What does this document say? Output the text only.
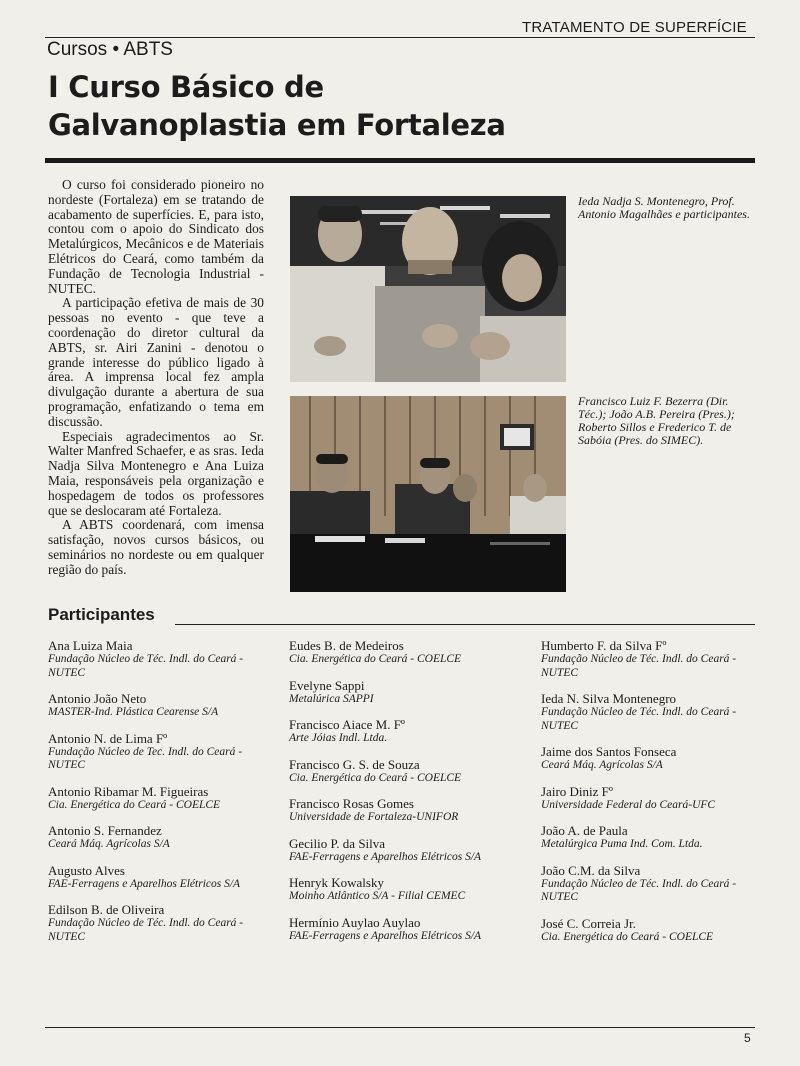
TRATAMENTO DE SUPERFÍCIE
Cursos • ABTS
I Curso Básico de
Galvanoplastia em Fortaleza

O curso foi considerado pioneiro no nordeste (Fortaleza) em se tratando de acabamento de superfícies. E, para isto, contou com o apoio do Sindicato dos Metalúrgicos, Mecânicos e de Materiais Elétricos do Ceará, como também da Fundação de Tecnologia Industrial - NUTEC.

A participação efetiva de mais de 30 pessoas no evento - que teve a coordenação do diretor cultural da ABTS, sr. Airi Zanini - denotou o grande interesse do público ligado à área. A imprensa local fez ampla divulgação durante a abertura de sua programação, enfatizando o tema em discussão.

Especiais agradecimentos ao Sr. Walter Manfred Schaefer, e as sras. Ieda Nadja Silva Montenegro e Ana Luiza Maia, responsáveis pela organização e hospedagem de todos os professores que se deslocaram até Fortaleza.

A ABTS coordenará, com imensa satisfação, novos cursos básicos, ou seminários no nordeste ou em qualquer região do país.

Ieda Nadja S. Montenegro, Prof. Antonio Magalhães e participantes.

Francisco Luiz F. Bezerra (Dir. Téc.); João A.B. Pereira (Pres.); Roberto Sillos e Frederico T. de Sabóia (Pres. do SIMEC).

Participantes
Ana Luiza Maia
Fundação Núcleo de Téc. Indl. do Ceará - NUTEC
Antonio João Neto
MASTER-Ind. Plástica Cearense S/A
Antonio N. de Lima Fº
Fundação Núcleo de Tec. Indl. do Ceará - NUTEC
Antonio Ribamar M. Figueiras
Cia. Energética do Ceará - COELCE
Antonio S. Fernandez
Ceará Máq. Agrícolas S/A
Augusto Alves
FAE-Ferragens e Aparelhos Elétricos S/A
Edilson B. de Oliveira
Fundação Núcleo de Téc. Indl. do Ceará - NUTEC
Eudes B. de Medeiros
Cia. Energética do Ceará - COELCE
Evelyne Sappi
Metalúrica SAPPI
Francisco Aiace M. Fº
Arte Jóias Indl. Ltda.
Francisco G. S. de Souza
Cia. Energética do Ceará - COELCE
Francisco Rosas Gomes
Universidade de Fortaleza-UNIFOR
Gecilio P. da Silva
FAE-Ferragens e Aparelhos Elétricos S/A
Henryk Kowalsky
Moinho Atlântico S/A - Filial CEMEC
Hermínio Auylao Auylao
FAE-Ferragens e Aparelhos Elétricos S/A
Humberto F. da Silva Fº
Fundação Núcleo de Téc. Indl. do Ceará - NUTEC
Ieda N. Silva Montenegro
Fundação Núcleo de Téc. Indl. do Ceará - NUTEC
Jaime dos Santos Fonseca
Ceará Máq. Agrícolas S/A
Jairo Diniz Fº
Universidade Federal do Ceará-UFC
João A. de Paula
Metalúrgica Puma Ind. Com. Ltda.
João C.M. da Silva
Fundação Núcleo de Téc. Indl. do Ceará - NUTEC
José C. Correia Jr.
Cia. Energética do Ceará - COELCE
5
